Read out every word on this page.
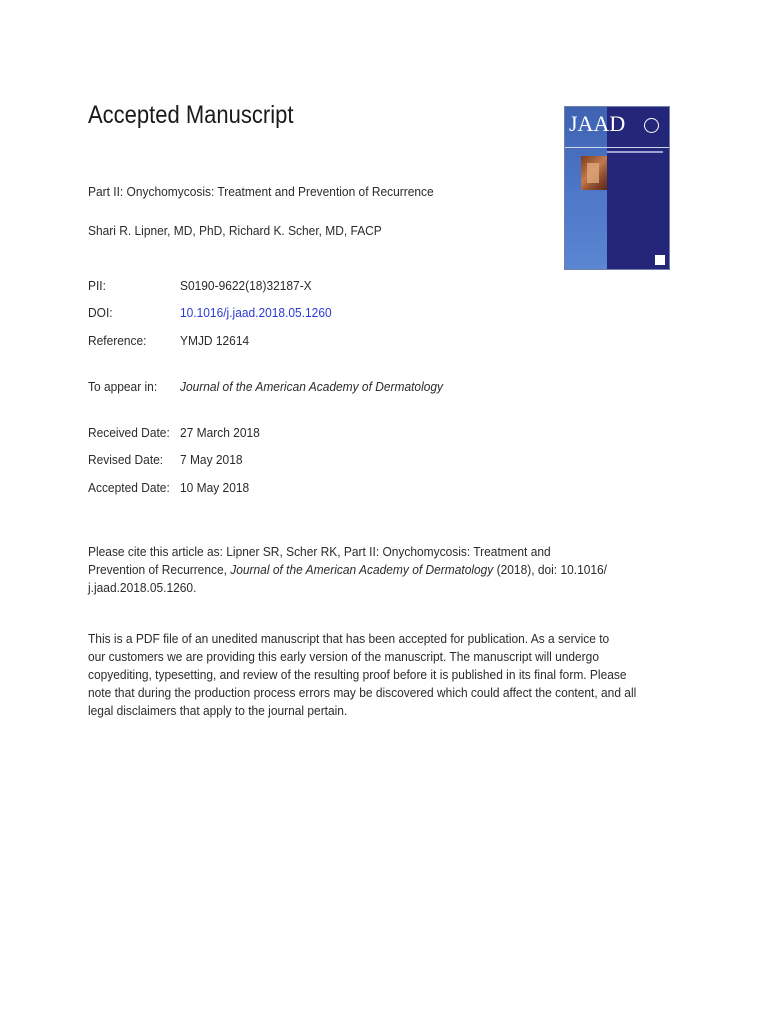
Accepted Manuscript	JAAD
Part II: Onychomycosis: Treatment and Prevention of Recurrence
Shari R. Lipner, MD, PhD, Richard K. Scher, MD, FACP
PII:	S0190-9622(18)32187-X
DOI:	10.1016/j.jaad.2018.05.1260
Reference:	YMJD 12614
To appear in: Journal of the American Academy of Dermatology
Received Date: 27 March 2018
Revised Date: 7 May 2018
Accepted Date: 10 May 2018
Please cite this article as: Lipner SR, Scher RK, Part II: Onychomycosis: Treatment and
Prevention of Recurrence, Journal of the American Academy of Dermatology (2018), doi: 10.1016/
j.jaad.2018.05.1260.
This is a PDF file of an unedited manuscript that has been accepted for publication. As a service to
our customers we are providing this early version of the manuscript. The manuscript will undergo
copyediting, typesetting, and review of the resulting proof before it is published in its final form. Please
note that during the production process errors may be discovered which could affect the content, and all
legal disclaimers that apply to the journal pertain.
